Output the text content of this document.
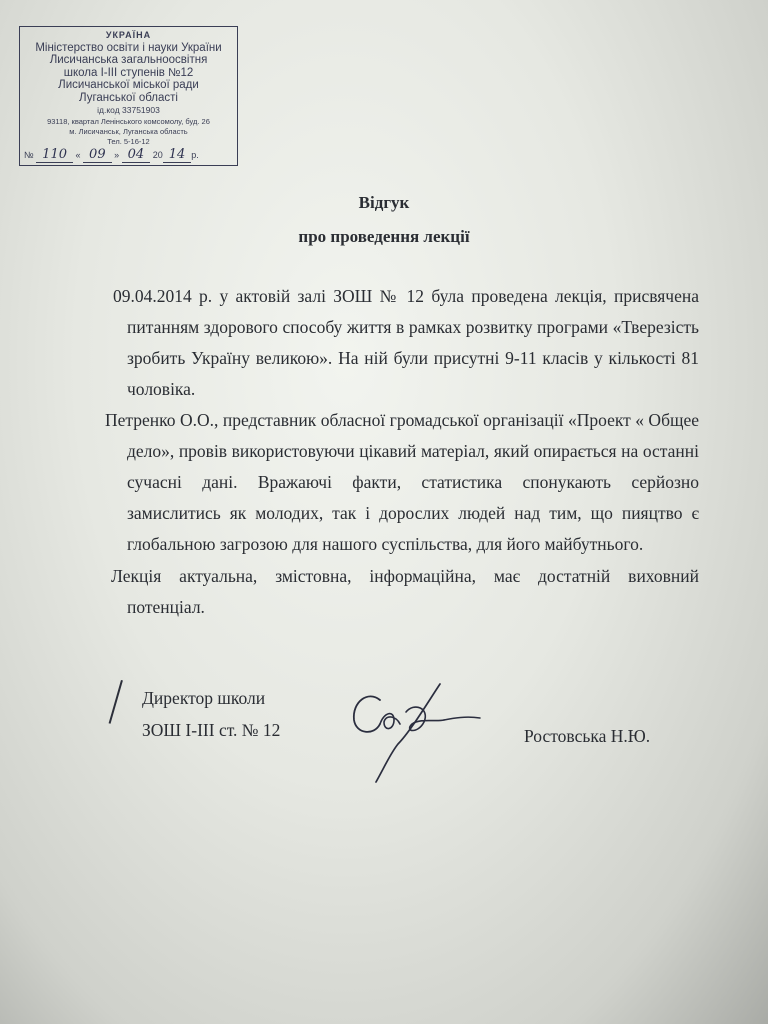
УКРАЇНА
Міністерство освіти і науки України
Лисичанська загальноосвітня
школа І-ІІІ ступенів №12
Лисичанської міської ради
Луганської області
ід.код 33751903
93118, квартал Ленінського комсомолу, буд. 26
м. Лисичанськ, Луганська область
Тел. 5-16-12
№ 110 « 09 » 04 20 14 р.
Відгук
про проведення лекції

09.04.2014 р. у актовій залі ЗОШ № 12 була проведена лекція, присвячена питанням здорового способу життя в рамках розвитку програми «Тверезість зробить Україну великою». На ній були присутні 9-11 класів у кількості 81 чоловіка.

Петренко О.О., представник обласної громадської організації «Проект « Общее дело», провів використовуючи цікавий матеріал, який опирається на останні сучасні дані. Вражаючі факти, статистика спонукають серйозно замислитись як молодих, так і дорослих людей над тим, що пияцтво є глобальною загрозою для нашого суспільства, для його майбутнього.

Лекція актуальна, змістовна, інформаційна, має достатній виховний потенціал.

Директор школи
ЗОШ І-ІІІ ст. № 12	Ростовська Н.Ю.
